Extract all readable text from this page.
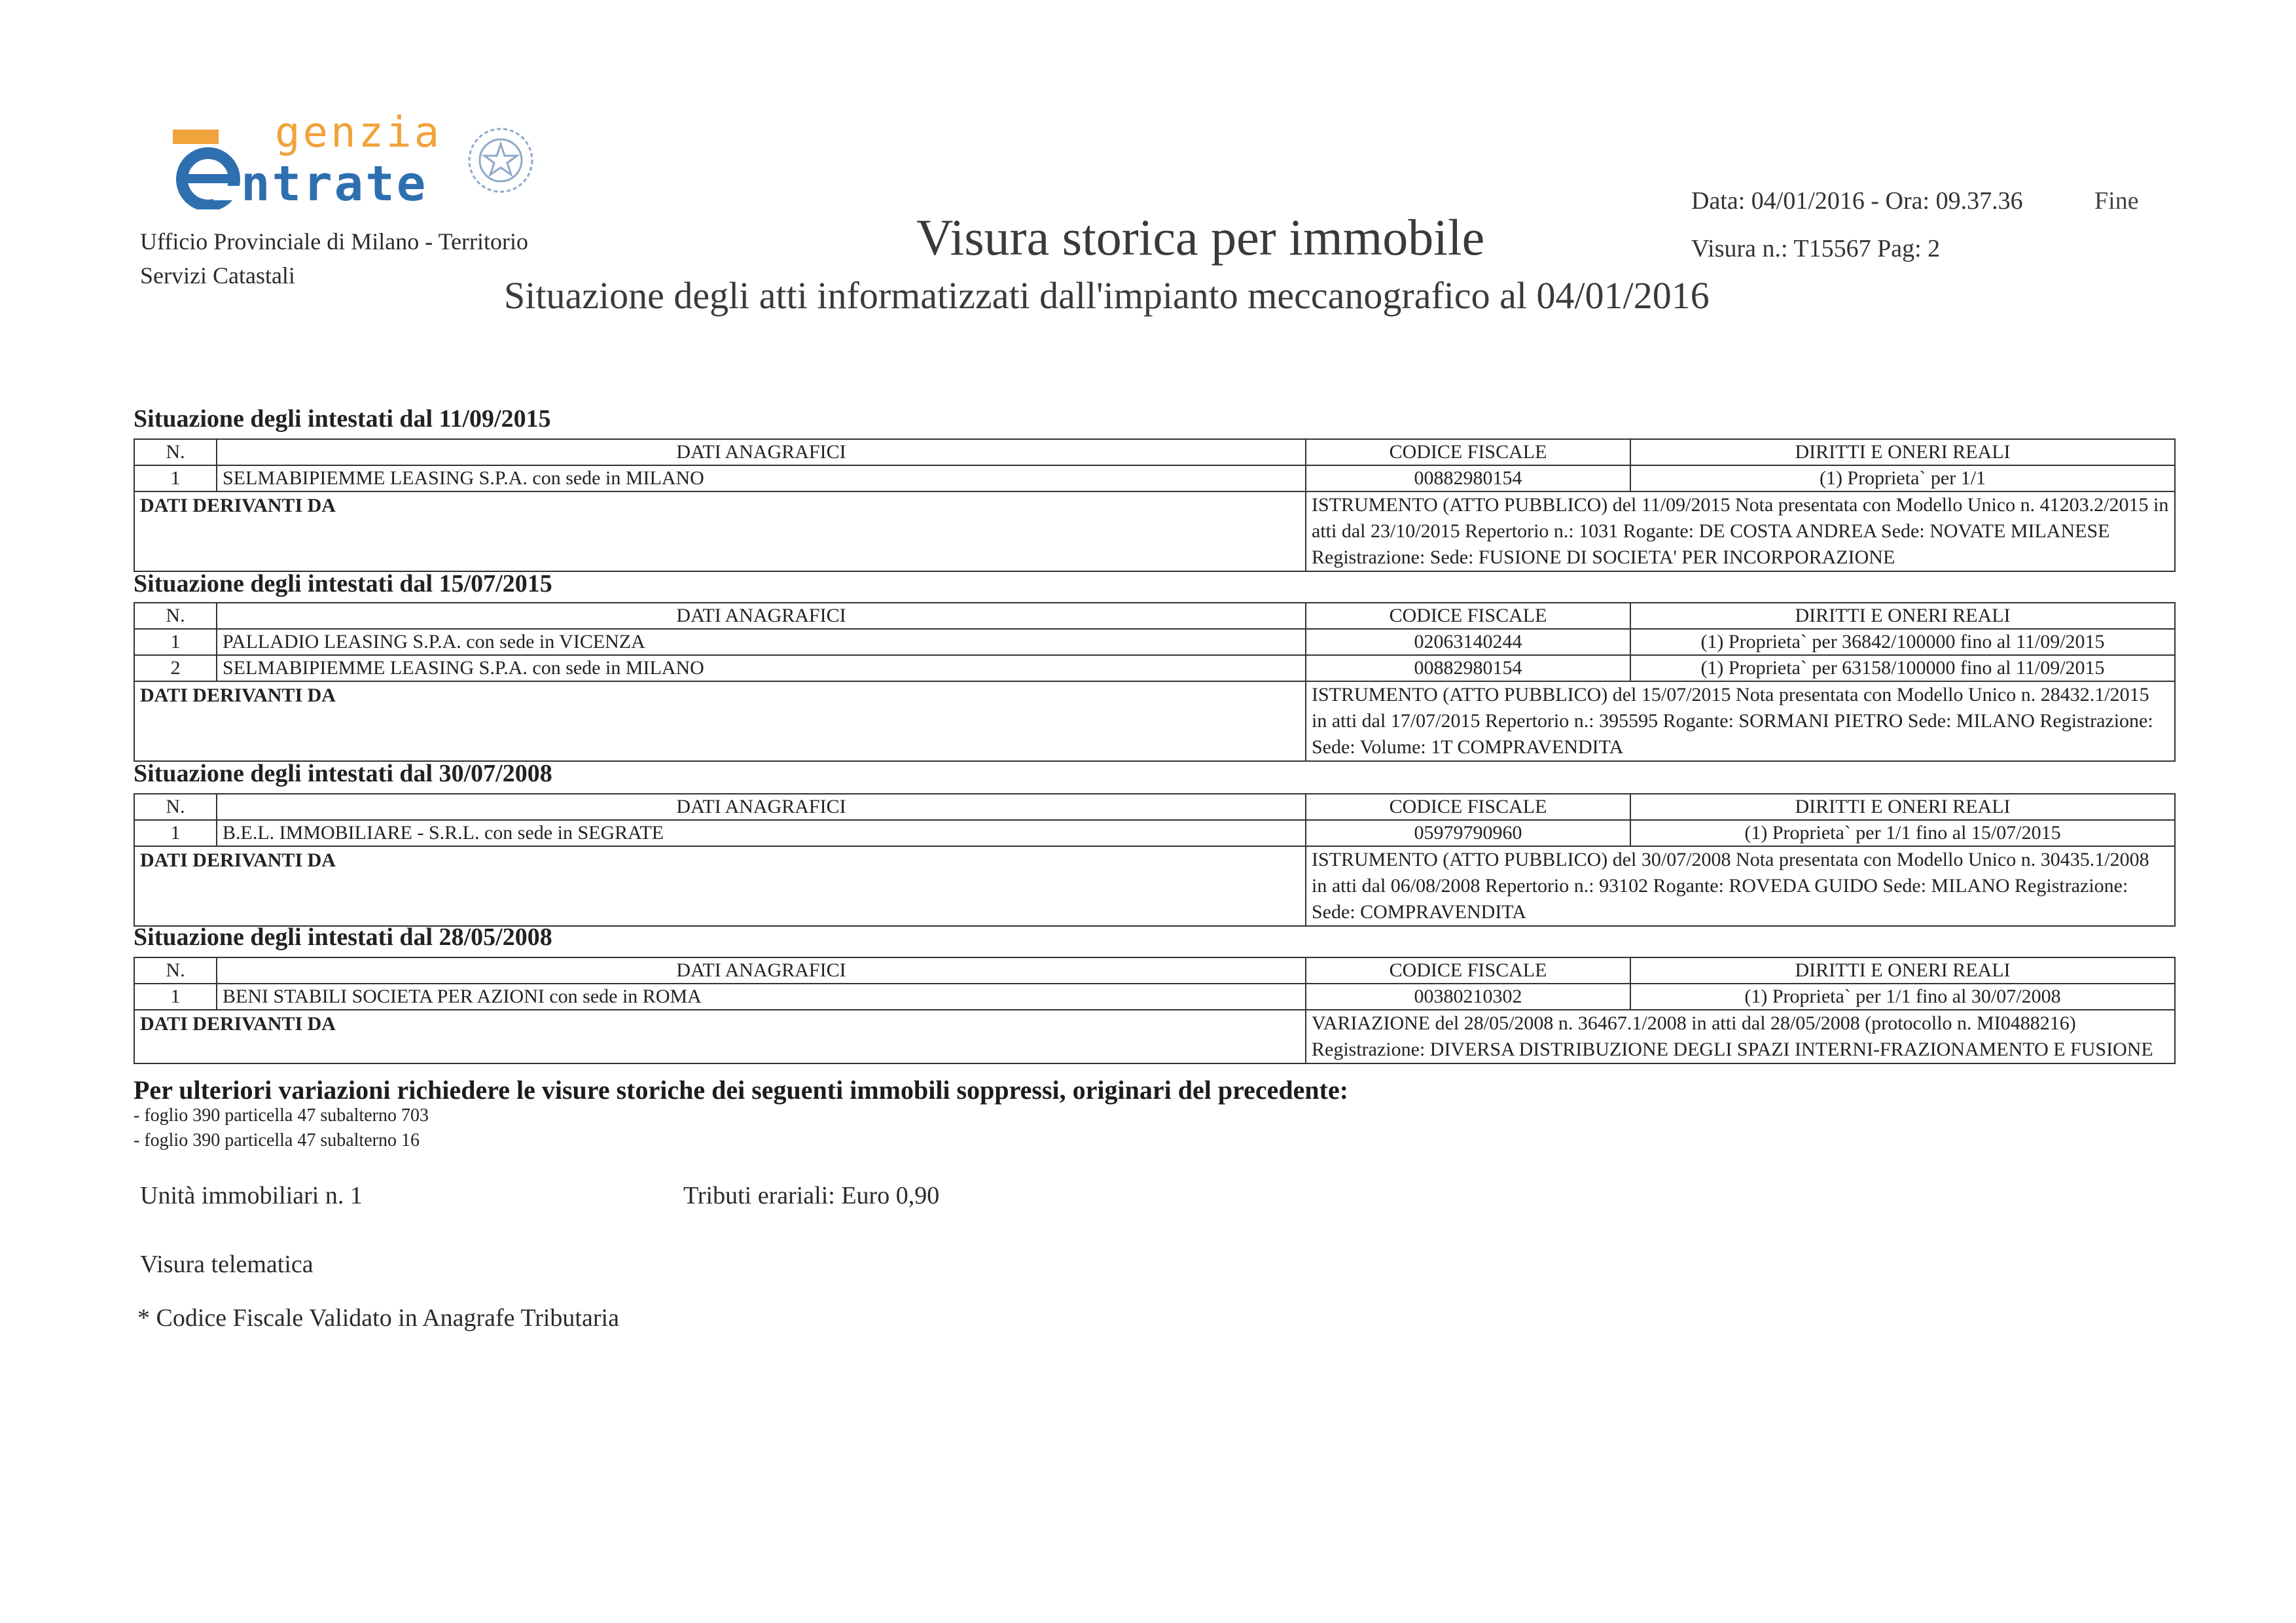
genzia
ntrate
Ufficio Provinciale di Milano - Territorio
Servizi Catastali
Visura storica per immobile
Situazione degli atti informatizzati dall'impianto meccanografico al 04/01/2016
Data: 04/01/2016 - Ora: 09.37.36	Fine
Visura n.: T15567 Pag: 2
Situazione degli intestati dal 11/09/2015
N.	DATI ANAGRAFICI	CODICE FISCALE	DIRITTI E ONERI REALI
1	SELMABIPIEMME LEASING S.P.A. con sede in MILANO	00882980154	(1) Proprieta` per 1/1
DATI DERIVANTI DA		ISTRUMENTO (ATTO PUBBLICO) del 11/09/2015 Nota presentata con Modello Unico n. 41203.2/2015 in atti dal 23/10/2015 Repertorio n.: 1031 Rogante: DE COSTA ANDREA Sede: NOVATE MILANESE Registrazione: Sede: FUSIONE DI SOCIETA' PER INCORPORAZIONE	
Situazione degli intestati dal 15/07/2015
N.	DATI ANAGRAFICI	CODICE FISCALE	DIRITTI E ONERI REALI
1	PALLADIO LEASING S.P.A. con sede in VICENZA	02063140244	(1) Proprieta` per 36842/100000 fino al 11/09/2015
2	SELMABIPIEMME LEASING S.P.A. con sede in MILANO	00882980154	(1) Proprieta` per 63158/100000 fino al 11/09/2015
DATI DERIVANTI DA		ISTRUMENTO (ATTO PUBBLICO) del 15/07/2015 Nota presentata con Modello Unico n. 28432.1/2015 in atti dal 17/07/2015 Repertorio n.: 395595 Rogante: SORMANI PIETRO Sede: MILANO Registrazione: Sede: Volume: 1T COMPRAVENDITA	
Situazione degli intestati dal 30/07/2008
N.	DATI ANAGRAFICI	CODICE FISCALE	DIRITTI E ONERI REALI
1	B.E.L. IMMOBILIARE - S.R.L. con sede in SEGRATE	05979790960	(1) Proprieta` per 1/1 fino al 15/07/2015
DATI DERIVANTI DA		ISTRUMENTO (ATTO PUBBLICO) del 30/07/2008 Nota presentata con Modello Unico n. 30435.1/2008 in atti dal 06/08/2008 Repertorio n.: 93102 Rogante: ROVEDA GUIDO Sede: MILANO Registrazione: Sede: COMPRAVENDITA	
Situazione degli intestati dal 28/05/2008
N.	DATI ANAGRAFICI	CODICE FISCALE	DIRITTI E ONERI REALI
1	BENI STABILI SOCIETA PER AZIONI con sede in ROMA	00380210302	(1) Proprieta` per 1/1 fino al 30/07/2008
DATI DERIVANTI DA		VARIAZIONE del 28/05/2008 n. 36467.1/2008 in atti dal 28/05/2008 (protocollo n. MI0488216) Registrazione: DIVERSA DISTRIBUZIONE DEGLI SPAZI INTERNI-FRAZIONAMENTO E FUSIONE	
Per ulteriori variazioni richiedere le visure storiche dei seguenti immobili soppressi, originari del precedente:
- foglio 390 particella 47 subalterno 703
- foglio 390 particella 47 subalterno 16
Unità immobiliari n. 1	Tributi erariali: Euro 0,90
Visura telematica
* Codice Fiscale Validato in Anagrafe Tributaria
